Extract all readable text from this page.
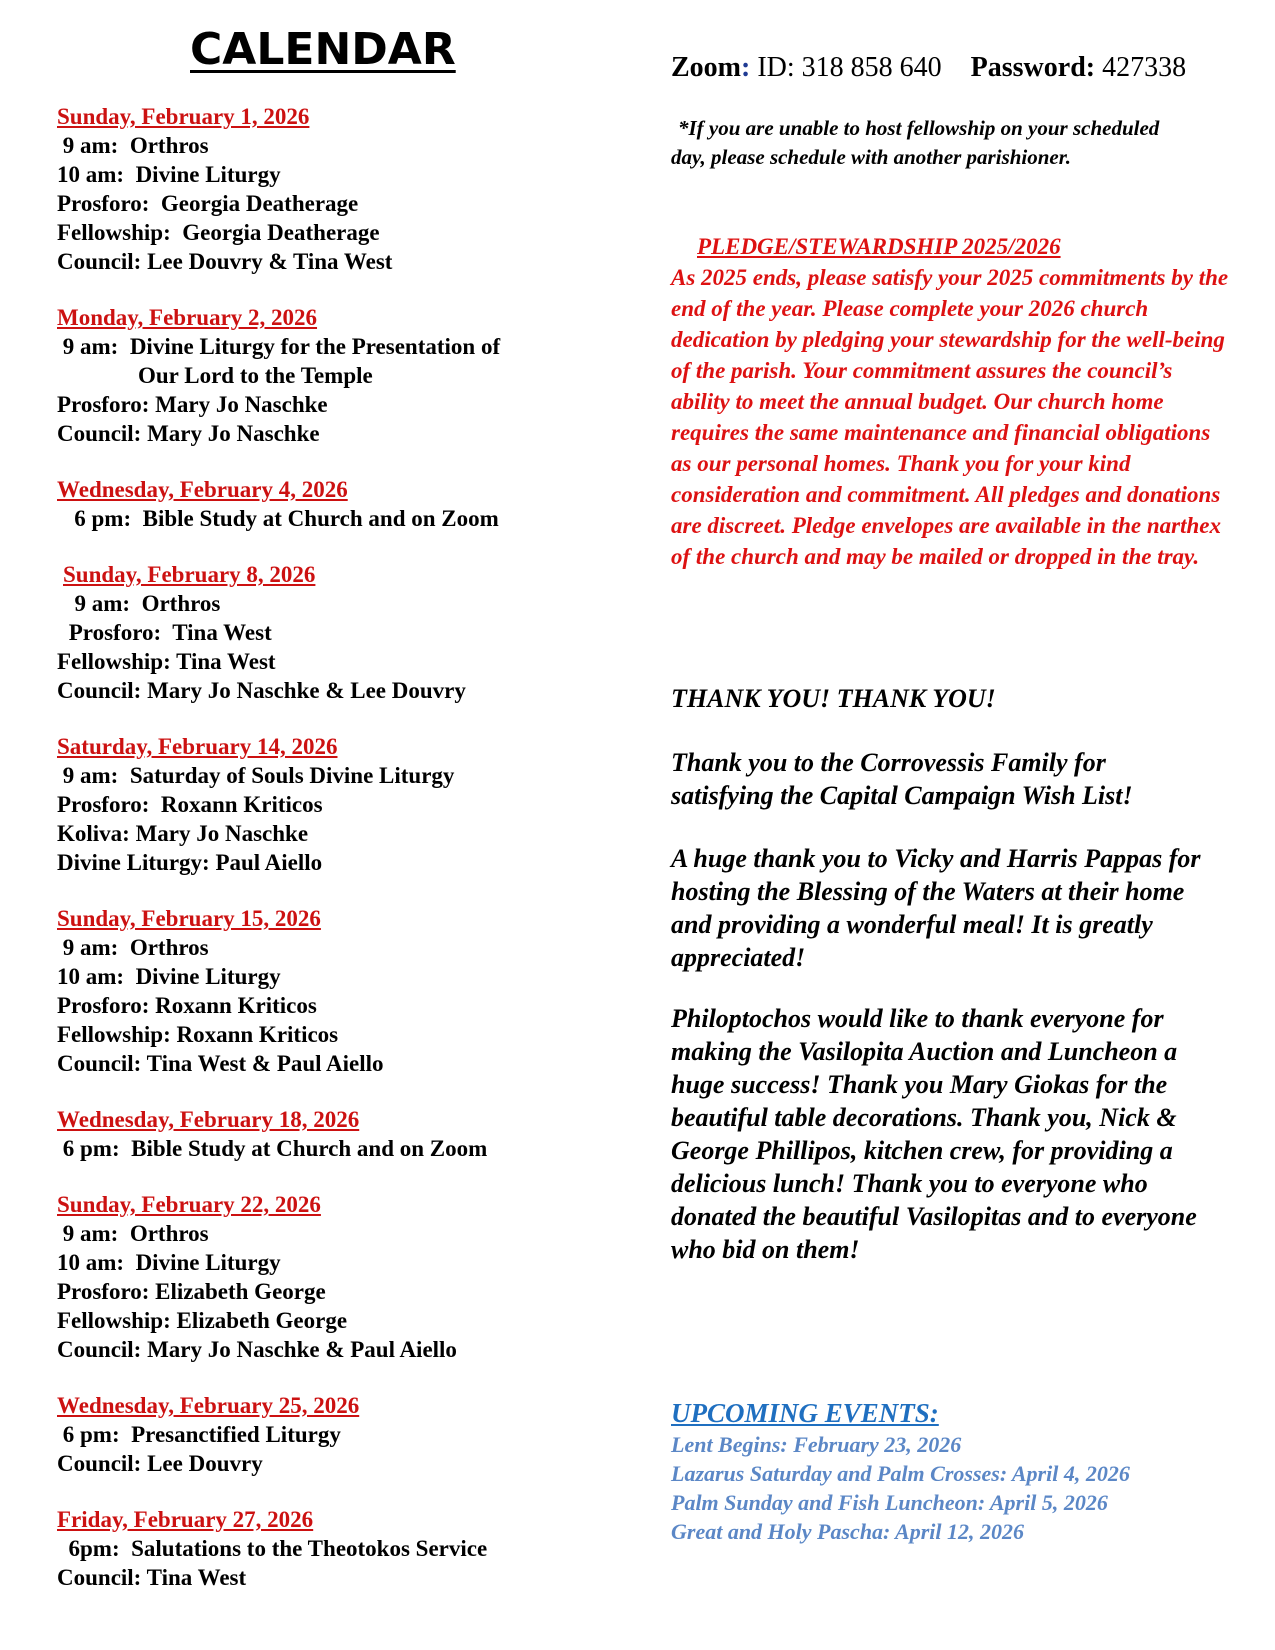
CALENDAR
Sunday, February 1, 2026
9 am:  Orthros
10 am:  Divine Liturgy
Prosforo:  Georgia Deatherage
Fellowship:  Georgia Deatherage
Council: Lee Douvry & Tina West
Monday, February 2, 2026
9 am:  Divine Liturgy for the Presentation of
Our Lord to the Temple
Prosforo: Mary Jo Naschke
Council: Mary Jo Naschke
Wednesday, February 4, 2026
6 pm:  Bible Study at Church and on Zoom
Sunday, February 8, 2026
9 am:  Orthros
Prosforo:  Tina West
Fellowship: Tina West
Council: Mary Jo Naschke & Lee Douvry
Saturday, February 14, 2026
9 am:  Saturday of Souls Divine Liturgy
Prosforo:  Roxann Kriticos
Koliva: Mary Jo Naschke
Divine Liturgy: Paul Aiello
Sunday, February 15, 2026
9 am:  Orthros
10 am:  Divine Liturgy
Prosforo: Roxann Kriticos
Fellowship: Roxann Kriticos
Council: Tina West & Paul Aiello
Wednesday, February 18, 2026
6 pm:  Bible Study at Church and on Zoom
Sunday, February 22, 2026
9 am:  Orthros
10 am:  Divine Liturgy
Prosforo: Elizabeth George
Fellowship: Elizabeth George
Council: Mary Jo Naschke & Paul Aiello
Wednesday, February 25, 2026
6 pm:  Presanctified Liturgy
Council: Lee Douvry
Friday, February 27, 2026
6pm:  Salutations to the Theotokos Service
Council: Tina West
Zoom: ID: 318 858 640 Password: 427338
*If you are unable to host fellowship on your scheduled day, please schedule with another parishioner.
PLEDGE/STEWARDSHIP 2025/2026
As 2025 ends, please satisfy your 2025 commitments by the end of the year. Please complete your 2026 church dedication by pledging your stewardship for the well-being of the parish. Your commitment assures the council’s ability to meet the annual budget. Our church home requires the same maintenance and financial obligations as our personal homes. Thank you for your kind consideration and commitment. All pledges and donations are discreet. Pledge envelopes are available in the narthex of the church and may be mailed or dropped in the tray.
THANK YOU! THANK YOU!
Thank you to the Corrovessis Family for satisfying the Capital Campaign Wish List!
A huge thank you to Vicky and Harris Pappas for hosting the Blessing of the Waters at their home and providing a wonderful meal! It is greatly appreciated!
Philoptochos would like to thank everyone for making the Vasilopita Auction and Luncheon a huge success! Thank you Mary Giokas for the beautiful table decorations. Thank you, Nick & George Phillipos, kitchen crew, for providing a delicious lunch! Thank you to everyone who donated the beautiful Vasilopitas and to everyone who bid on them!
UPCOMING EVENTS:
Lent Begins: February 23, 2026
Lazarus Saturday and Palm Crosses: April 4, 2026
Palm Sunday and Fish Luncheon: April 5, 2026
Great and Holy Pascha: April 12, 2026
